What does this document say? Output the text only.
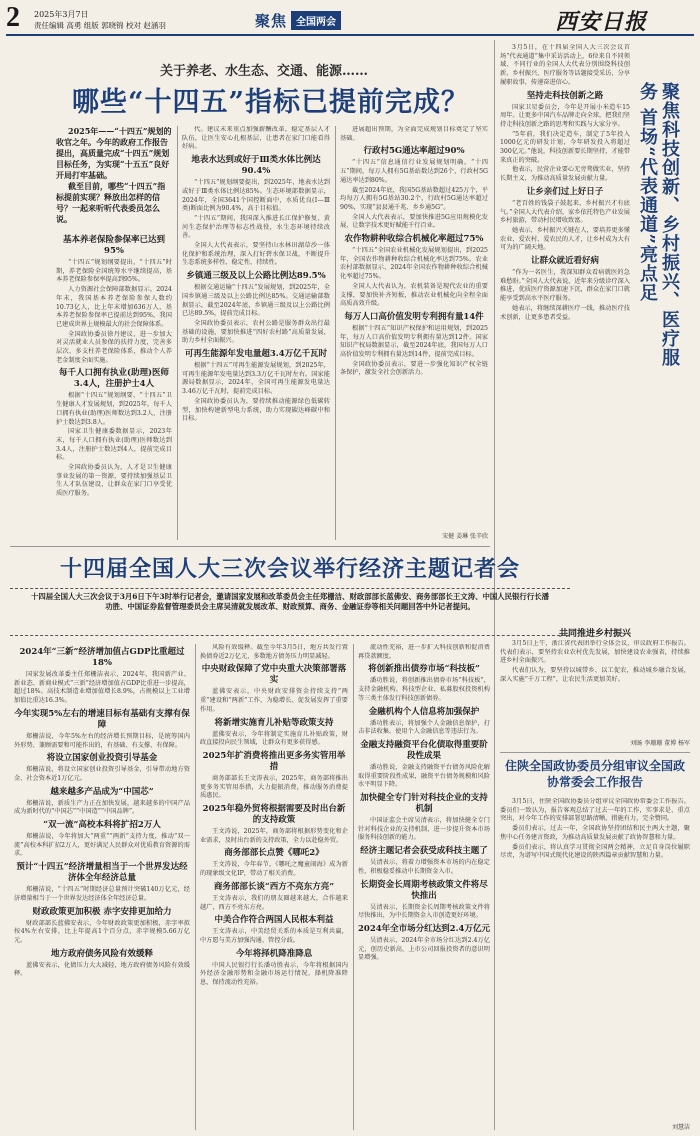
2 2025年3月7日
责任编辑 高勇 组版 郭晓锦 校对 赵涵羽	聚焦 全国两会	西安日报
关于养老、水生态、交通、能源……
哪些“十四五”指标已提前完成？

2025年——“十四五”规划的收官之年。今年的政府工作报告提出，高质量完成“十四五”规划目标任务，为实现“十五五”良好开局打牢基础。

截至目前，哪些“十四五”指标提前实现？释放出怎样的信号？一起来听听代表委员怎么说。

基本养老保险参保率已达到95%
“十四五”规划纲要提出，“十四五”时期，养老保险全国统筹水平继续提高，基本养老保险参保率提高到95%。
人力资源社会保障部数据显示，2024年末，我国基本养老保险参保人数约10.73亿人，比上年末增加636万人，基本养老保险参保率已提前达到95%，我国已建成世界上规模最大的社会保障体系。
全国政协委员徐丹建议，进一步加大对灵活就业人员参保的扶持力度，完善多层次、多支柱养老保险体系，推动个人养老金制度全面实施。
每千人口拥有执业(助理)医师3.4人，注册护士4人
根据“十四五”规划纲要，“十四五”卫生健康人才发展规划，到2025年，每千人口拥有执业(助理)医师数达到3.2人，注册护士数达到3.8人。
国家卫生健康委数据显示，2023年末，每千人口拥有执业(助理)医师数达到3.4人，注册护士数达到4人，提前完成目标。
全国政协委员认为，人才是卫生健康事业发展的第一资源，要持续加强基层卫生人才队伍建设，让群众在家门口享受优质医疗服务。
代。建议未来重点加强薪酬改革，稳定基层人才队伍，让医生安心扎根基层，让患者在家门口能看得好病。
地表水达到或好于Ⅲ类水体比例达90.4%
“十四五”规划纲要提出，到2025年，地表水达到或好于Ⅲ类水体比例达85%。生态环境部数据显示，2024年，全国3641个国控断面中，水质优良(Ⅰ—Ⅲ类)断面比例为90.4%，高于目标值。
“十四五”期间，我国深入推进长江保护修复、黄河生态保护治理等标志性战役，水生态环境持续改善。
全国人大代表表示，要坚持山水林田湖草沙一体化保护和系统治理，深入打好碧水保卫战，不断提升生态系统多样性、稳定性、持续性。
乡镇通三级及以上公路比例达89.5%
根据交通运输“十四五”发展规划，到2025年，全国乡镇通三级及以上公路比例达85%。交通运输部数据显示，截至2024年底，乡镇通三级及以上公路比例已达89.5%，提前完成目标。
全国政协委员表示，农村公路是服务群众出行最基础的设施，要加快推进“四好农村路”高质量发展，助力乡村全面振兴。
可再生能源年发电量超3.4万亿千瓦时
根据“十四五”可再生能源发展规划，到2025年，可再生能源年发电量达到3.3万亿千瓦时左右。国家能源局数据显示，2024年，全国可再生能源发电量达3.46万亿千瓦时，提前完成目标。
全国政协委员认为，要持续推动能源绿色低碳转型，加快构建新型电力系统，助力实现碳达峰碳中和目标。
进展超出预期，为全面完成规划目标奠定了坚实基础。
行政村5G通达率超过90%
“十四五”信息通信行业发展规划明确，“十四五”期间，每万人拥有5G基站数达到26个，行政村5G通达率达到80%。
截至2024年底，我国5G基站数超过425万个，平均每万人拥有5G基站30.2个，行政村5G通达率超过90%，实现“县县通千兆、乡乡通5G”。
全国人大代表表示，要加快推进5G应用规模化发展，让数字技术更好赋能千行百业。
农作物耕种收综合机械化率超过75%
“十四五”全国农业机械化发展规划提出，到2025年，全国农作物耕种收综合机械化率达到75%。农业农村部数据显示，2024年全国农作物耕种收综合机械化率超过75%。
全国人大代表认为，农机装备是现代农业的重要支撑，要加快补齐短板，推动农业机械化向全程全面高质高效升级。
每万人口高价值发明专利拥有量14件
根据“十四五”知识产权保护和运用规划，到2025年，每万人口高价值发明专利拥有量达到12件。国家知识产权局数据显示，截至2024年底，我国每万人口高价值发明专利拥有量达到14件，提前完成目标。
全国政协委员表示，要进一步强化知识产权全链条保护，激发全社会创新活力。
宋健 姜琳 张辛欣
3月5日，在十四届全国人大三次会议首场“代表通道”集中采访活动上，6位来自不同领域、不同行业的全国人大代表分别围绕科技创新、乡村振兴、医疗服务等话题接受采访，分享履职故事，传递奋进信心。
坚持走科技创新之路
国家卫星委员会，今年是开展小米造车15周年。让更多中国汽车品牌走向全球，把我们坚持走科技创新之路的思考和实践与大家分享。
“5年前，我们决定造车，制定了5年投入1000亿元的研发计划，今年研发投入将超过300亿元。”他说，科技创新要长期坚持，才能带来真正的突破。
他表示，民营企业要心无旁骛做实业，坚持长期主义，为推动高质量发展贡献力量。
让乡亲们过上好日子
“老百姓的钱袋子鼓起来，乡村振兴才有底气。”全国人大代表介绍，家乡依托特色产业发展乡村旅游，带动村民增收致富。
她表示，乡村振兴关键在人，要培养更多懂农业、爱农村、爱农民的人才，让乡村成为大有可为的广阔天地。
让群众就近看好病
“作为一名医生，我深知群众看病就医的急难愁盼。”全国人大代表说，近年来分级诊疗深入推进，优质医疗资源加速下沉，群众在家门口就能享受到高水平医疗服务。
她表示，将继续深耕医疗一线，推动医疗技术创新，让更多患者受益。	聚焦科技创新、乡村振兴、医疗服务 首场“代表通道”亮点足
共同推进乡村振兴
3月5日上午，浙江省代表团举行全体会议，审议政府工作报告。代表们表示，要坚持农业农村优先发展，加快建设农业强省，持续推进乡村全面振兴。
代表们认为，要坚持以城带乡、以工促农，推动城乡融合发展，深入实施“千万工程”，让农民生活更加美好。
刘旸 李珊珊 董博 杨军
住陕全国政协委员分组审议全国政协常委会工作报告
3月5日，住陕全国政协委员分组审议全国政协常委会工作报告。委员们一致认为，报告客观总结了过去一年的工作，实事求是、重点突出，对今年工作的安排部署思路清晰、措施有力，完全赞同。
委员们表示，过去一年，全国政协坚持团结和民主两大主题，聚焦中心任务建言资政，为推动高质量发展贡献了政协智慧和力量。
委员们表示，将认真学习贯彻全国两会精神，立足自身岗位履职尽责，为谱写中国式现代化建设的陕西篇章贡献智慧和力量。
刘慧洁
十四届全国人大三次会议举行经济主题记者会
十四届全国人大三次会议于3月6日下午3时举行记者会，邀请国家发展和改革委员会主任郑栅洁、财政部部长蓝佛安、商务部部长王文涛、中国人民银行行长潘功胜、中国证券监督管理委员会主席吴清就发展改革、财政预算、商务、金融证券等相关问题回答中外记者提问。
2024年“三新”经济增加值占GDP比重超过18%
国家发展改革委主任郑栅洁表示，2024年，我国新产业、新业态、新商业模式“三新”经济增加值占GDP比重进一步提高，超过18%。高技术制造业增加值增长8.9%，占规模以上工业增加值比重达16.3%。
今年实现5%左右的增速目标有基础有支撑有保障
郑栅洁说，今年5%左右的经济增长预期目标，是统筹国内外形势、兼顾需要和可能作出的，有基础、有支撑、有保障。
将设立国家创业投资引导基金
郑栅洁说，将设立国家创业投资引导基金，引导带动地方资金、社会资本近1万亿元。
越来越多产品成为“中国芯”
郑栅洁说，新质生产力正在加快发展，越来越多的中国产品成为新时代的“中国芯”“中国造”“中国品牌”。
“双一流”高校本科将扩招2万人
郑栅洁说，今年将加大“两重”“两新”支持力度，推动“双一流”高校本科扩招2万人，更好满足人民群众对优质教育资源的需求。
预计“十四五”经济增量相当于一个世界发达经济体全年经济总量
郑栅洁说，“十四五”时期经济总量预计突破140万亿元，经济增量相当于一个世界发达经济体全年经济总量。
财政政策更加积极 赤字安排更加给力
财政部部长蓝佛安表示，今年财政政策更加积极，赤字率拟按4%左右安排，比上年提高1个百分点，赤字规模5.66万亿元。
地方政府债务风险有效缓释
蓝佛安表示，化债压力大大减轻，地方政府债务风险有效缓释。
风险有效缓释。截至今年3月5日，地方共发行置换债券近2万亿元，多数地方债务压力明显减轻。
中央财政保障了党中央重大决策部署落实
蓝佛安表示，中央财政安排资金持续支持“两重”建设和“两新”工作，为稳增长、促发展发挥了重要作用。
将新增实施育儿补贴等政策支持
蓝佛安表示，今年将制定实施育儿补贴政策，财政直接投向民生领域，让群众有更多获得感。
2025年扩消费将推出更多务实管用举措
商务部部长王文涛表示，2025年，商务部将推出更多务实管用举措，大力提振消费，推动服务消费提质惠民。
2025年稳外贸将根据需要及时出台新的支持政策
王文涛说，2025年，商务部将根据形势变化和企业需求，及时出台新的支持政策，全力以赴稳外贸。
商务部部长点赞《哪吒2》
王文涛说，今年春节，《哪吒之魔童闹海》成为新的现象级文化IP，带动了相关消费。
商务部部长谈“西方不亮东方亮”
王文涛表示，我们的朋友圈越来越大，合作越来越广，西方不亮东方亮。
中美合作符合两国人民根本利益
王文涛表示，中美经贸关系的本质是互利共赢，中方愿与美方加强沟通、管控分歧。
今年将择机降准降息
中国人民银行行长潘功胜表示，今年将根据国内外经济金融形势和金融市场运行情况，择机降准降息，保持流动性充裕。
流动性充裕，进一步扩大科技创新和促消费再贷款额度。
将创新推出债券市场“科技板”
潘功胜说，将创新推出债券市场“科技板”，支持金融机构、科技型企业、私募股权投资机构等三类主体发行科技创新债券。
金融机构个人信息将加强保护
潘功胜表示，将加强个人金融信息保护，打击非法收集、使用个人金融信息等违法行为。
金融支持融资平台化债取得重要阶段性成果
潘功胜说，金融支持融资平台债务风险化解取得重要阶段性成果，融资平台债务规模和风险水平明显下降。
加快健全专门针对科技企业的支持机制
中国证监会主席吴清表示，将加快健全专门针对科技企业的支持机制，进一步提升资本市场服务科技创新的能力。
经济主题记者会获受成科技主题了
吴清表示，将着力增强资本市场的内在稳定性，积极稳妥推动中长期资金入市。
长期资金长周期考核政策文件将尽快推出
吴清表示，长期资金长周期考核政策文件将尽快推出，为中长期资金入市创造更好环境。
2024年全市场分红达到2.4万亿元
吴清表示，2024年全市场分红达到2.4万亿元，创历史新高，上市公司回报投资者的意识明显增强。
